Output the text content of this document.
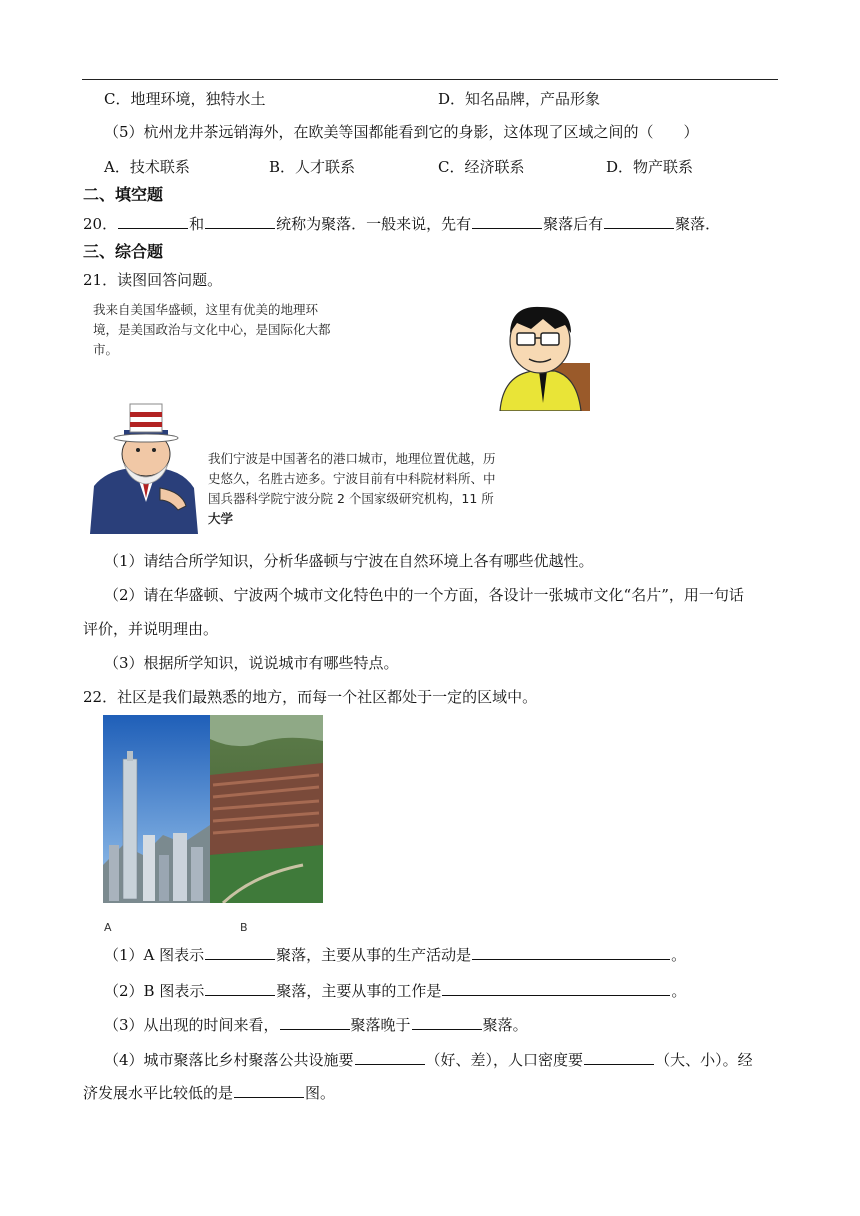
C．地理环境，独特水土	D．知名品牌，产品形象
（5）杭州龙井茶远销海外，在欧美等国都能看到它的身影，这体现了区域之间的（　　）
A．技术联系	B．人才联系	C．经济联系	D．物产联系
二、填空题
20．	和	统称为聚落．一般来说，先有	聚落后有	聚落．
三、综合题
21．读图回答问题。
我来自美国华盛顿，这里有优美的地理环
境，是美国政治与文化中心，是国际化大都
市。
我们宁波是中国著名的港口城市，地理位置优越，历
史悠久，名胜古迹多。宁波目前有中科院材料所、中
国兵器科学院宁波分院 2 个国家级研究机构，11 所
大学
（1）请结合所学知识，分析华盛顿与宁波在自然环境上各有哪些优越性。
（2）请在华盛顿、宁波两个城市文化特色中的一个方面，各设计一张城市文化“名片”，用一句话
评价，并说明理由。
（3）根据所学知识，说说城市有哪些特点。
22．社区是我们最熟悉的地方，而每一个社区都处于一定的区域中。
A	B
（1）A 图表示	聚落，主要从事的生产活动是	。
（2）B 图表示	聚落，主要从事的工作是	。
（3）从出现的时间来看，	聚落晚于	聚落。
（4）城市聚落比乡村聚落公共设施要	（好、差），人口密度要	（大、小）。经
济发展水平比较低的是	图。
